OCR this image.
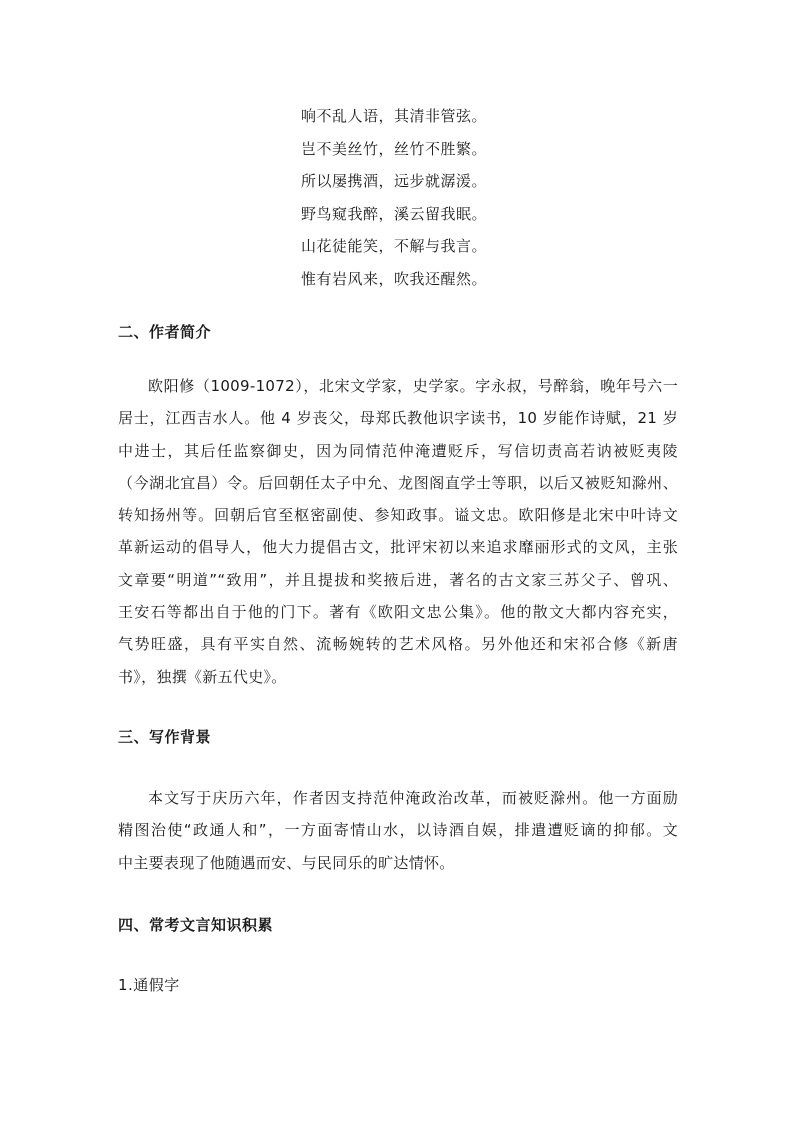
响不乱人语，其清非管弦。
岂不美丝竹，丝竹不胜繁。
所以屡携酒，远步就潺湲。
野鸟窥我醉，溪云留我眠。
山花徒能笑，不解与我言。
惟有岩风来，吹我还醒然。
二、作者简介
欧阳修（1009-1072），北宋文学家，史学家。字永叔，号醉翁，晚年号六一
居士，江西吉水人。他 4 岁丧父，母郑氏教他识字读书，10 岁能作诗赋，21 岁
中进士，其后任监察御史，因为同情范仲淹遭贬斥，写信切责高若讷被贬夷陵
（今湖北宜昌）令。后回朝任太子中允、龙图阁直学士等职，以后又被贬知滁州、
转知扬州等。回朝后官至枢密副使、参知政事。谥文忠。欧阳修是北宋中叶诗文
革新运动的倡导人，他大力提倡古文，批评宋初以来追求靡丽形式的文风，主张
文章要“明道”“致用”，并且提拔和奖掖后进，著名的古文家三苏父子、曾巩、
王安石等都出自于他的门下。著有《欧阳文忠公集》。他的散文大都内容充实，
气势旺盛，具有平实自然、流畅婉转的艺术风格。另外他还和宋祁合修《新唐
书》，独撰《新五代史》。
三、写作背景
本文写于庆历六年，作者因支持范仲淹政治改革，而被贬滁州。他一方面励
精图治使“政通人和”，一方面寄情山水，以诗酒自娱，排遣遭贬谪的抑郁。文
中主要表现了他随遇而安、与民同乐的旷达情怀。
四、常考文言知识积累
1.通假字
